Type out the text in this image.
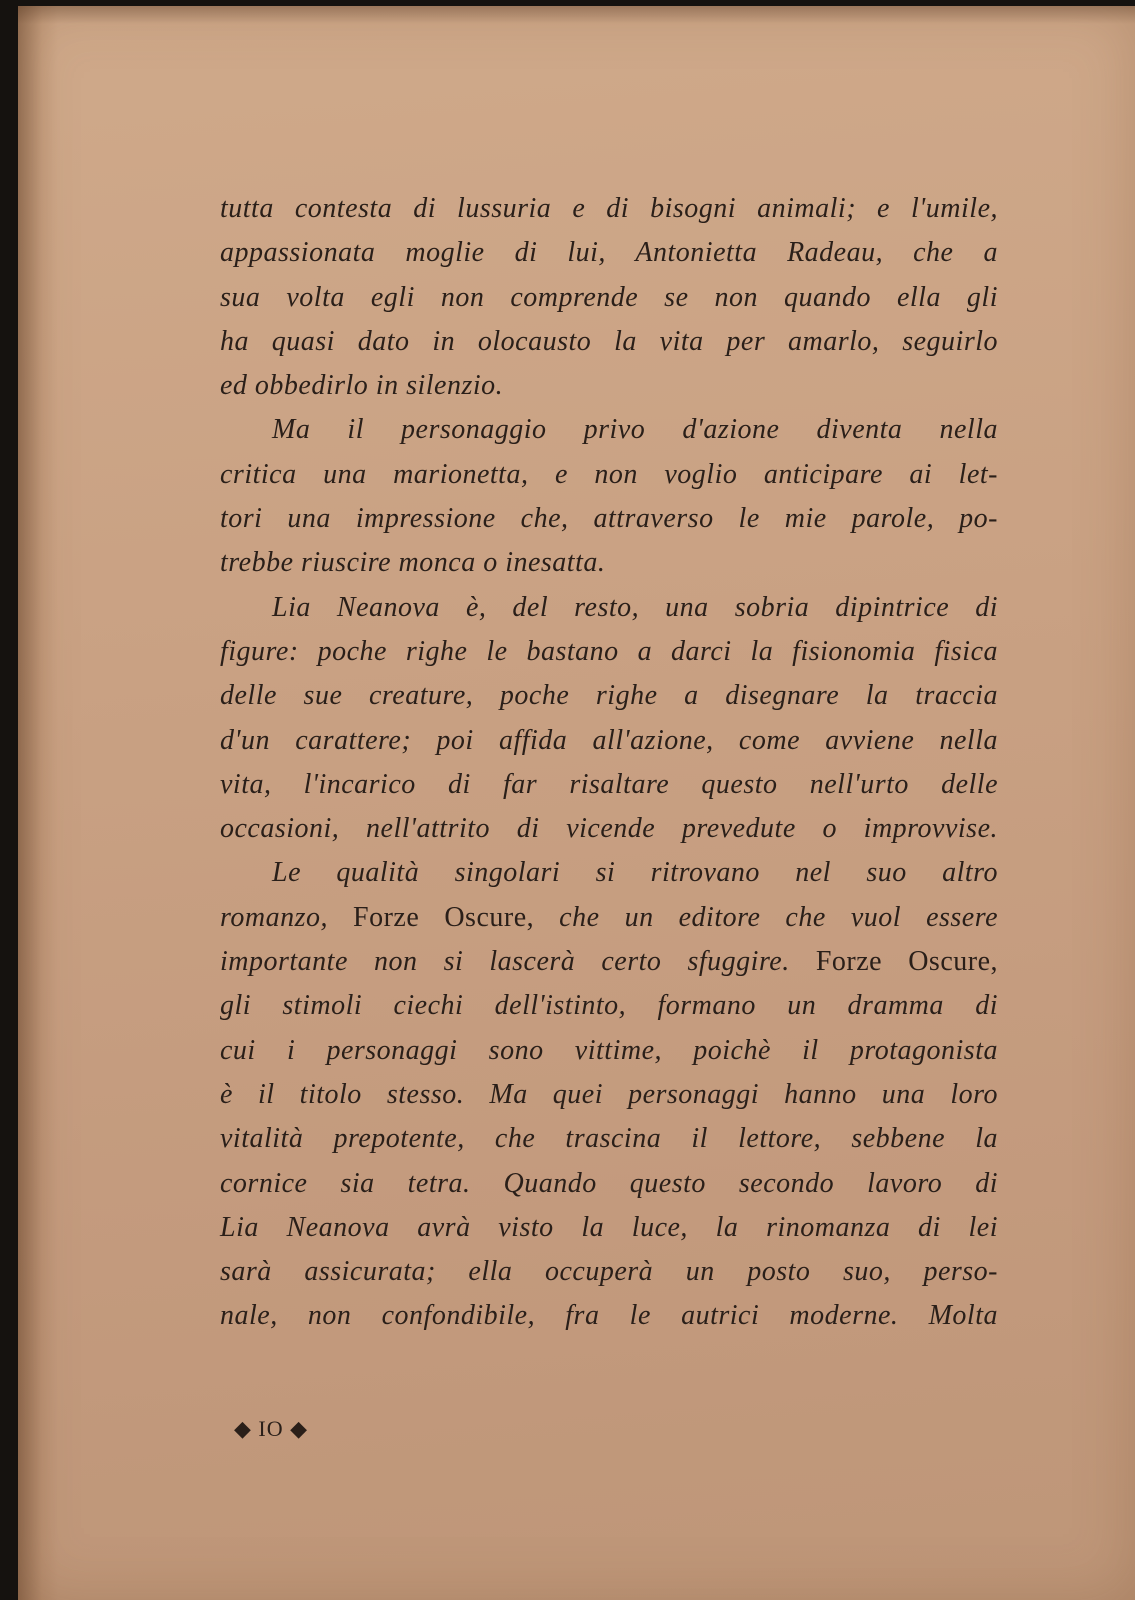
tutta contesta di lussuria e di bisogni animali; e l'umile,
appassionata moglie di lui, Antonietta Radeau, che a
sua volta egli non comprende se non quando ella gli
ha quasi dato in olocausto la vita per amarlo, seguirlo
ed obbedirlo in silenzio.
Ma il personaggio privo d'azione diventa nella
critica una marionetta, e non voglio anticipare ai let-
tori una impressione che, attraverso le mie parole, po-
trebbe riuscire monca o inesatta.
Lia Neanova è, del resto, una sobria dipintrice di
figure: poche righe le bastano a darci la fisionomia fisica
delle sue creature, poche righe a disegnare la traccia
d'un carattere; poi affida all'azione, come avviene nella
vita, l'incarico di far risaltare questo nell'urto delle
occasioni, nell'attrito di vicende prevedute o improvvise.
Le qualità singolari si ritrovano nel suo altro
romanzo, Forze Oscure, che un editore che vuol essere
importante non si lascerà certo sfuggire. Forze Oscure,
gli stimoli ciechi dell'istinto, formano un dramma di
cui i personaggi sono vittime, poichè il protagonista
è il titolo stesso. Ma quei personaggi hanno una loro
vitalità prepotente, che trascina il lettore, sebbene la
cornice sia tetra. Quando questo secondo lavoro di
Lia Neanova avrà visto la luce, la rinomanza di lei
sarà assicurata; ella occuperà un posto suo, perso-
nale, non confondibile, fra le autrici moderne. Molta
◆ IO ◆
